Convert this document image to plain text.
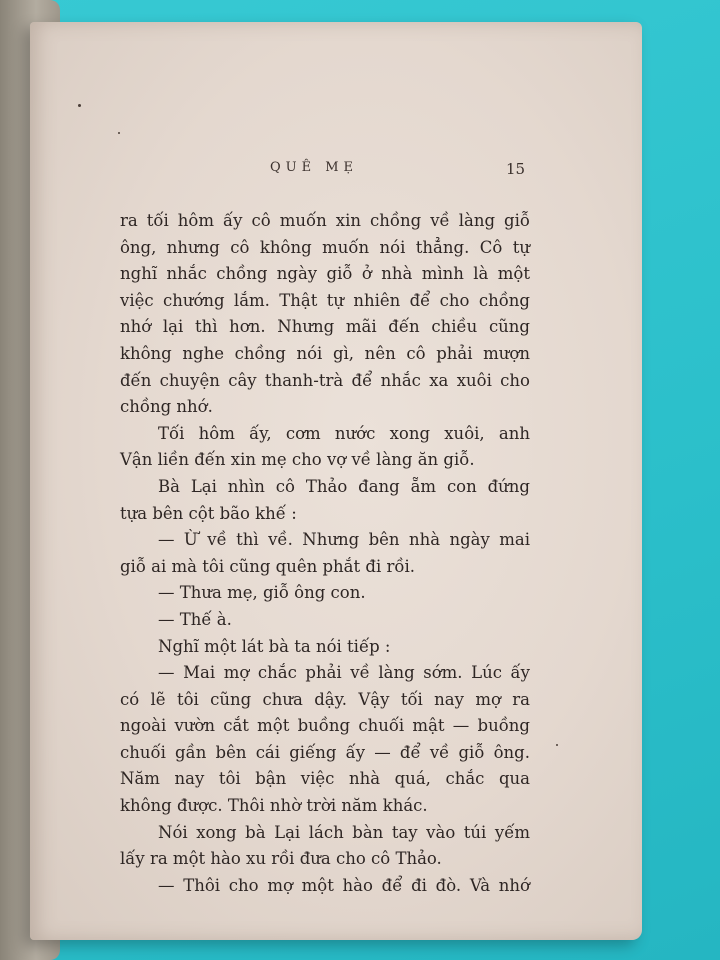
QUÊ MẸ	15
ra tối hôm ấy cô muốn xin chồng về làng giỗ
ông, nhưng cô không muốn nói thẳng. Cô tự
nghĩ nhắc chồng ngày giỗ ở nhà mình là một
việc chướng lắm. Thật tự nhiên để cho chồng
nhớ lại thì hơn. Nhưng mãi đến chiều cũng
không nghe chồng nói gì, nên cô phải mượn
đến chuyện cây thanh-trà để nhắc xa xuôi cho
chồng nhớ.
Tối hôm ấy, cơm nước xong xuôi, anh
Vận liền đến xin mẹ cho vợ về làng ăn giỗ.
Bà Lại nhìn cô Thảo đang ẵm con đứng
tựa bên cột bão khế :
— Ừ về thì về. Nhưng bên nhà ngày mai
giỗ ai mà tôi cũng quên phắt đi rồi.
— Thưa mẹ, giỗ ông con.
— Thế à.
Nghĩ một lát bà ta nói tiếp :
— Mai mợ chắc phải về làng sớm. Lúc ấy
có lẽ tôi cũng chưa dậy. Vậy tối nay mợ ra
ngoài vườn cắt một buồng chuối mật — buồng
chuối gần bên cái giếng ấy — để về giỗ ông.
Năm nay tôi bận việc nhà quá, chắc qua
không được. Thôi nhờ trời năm khác.
Nói xong bà Lại lách bàn tay vào túi yếm
lấy ra một hào xu rồi đưa cho cô Thảo.
— Thôi cho mợ một hào để đi đò. Và nhớ
